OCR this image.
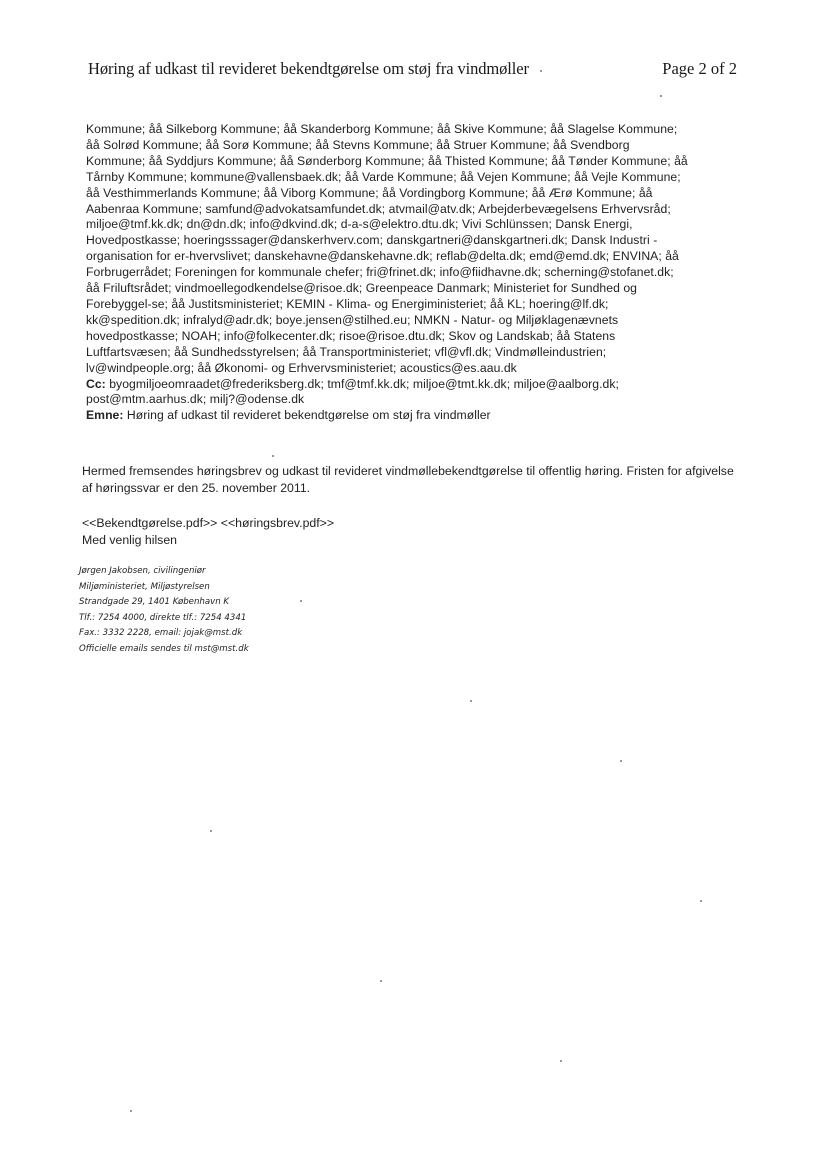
Høring af udkast til revideret bekendtgørelse om støj fra vindmøller	Page 2 of 2
Kommune; åå Silkeborg Kommune; åå Skanderborg Kommune; åå Skive Kommune; åå Slagelse Kommune;
åå Solrød Kommune; åå Sorø Kommune; åå Stevns Kommune; åå Struer Kommune; åå Svendborg
Kommune; åå Syddjurs Kommune; åå Sønderborg Kommune; åå Thisted Kommune; åå Tønder Kommune; åå
Tårnby Kommune; kommune@vallensbaek.dk; åå Varde Kommune; åå Vejen Kommune; åå Vejle Kommune;
åå Vesthimmerlands Kommune; åå Viborg Kommune; åå Vordingborg Kommune; åå Ærø Kommune; åå
Aabenraa Kommune; samfund@advokatsamfundet.dk; atvmail@atv.dk; Arbejderbevægelsens Erhvervsråd;
miljoe@tmf.kk.dk; dn@dn.dk; info@dkvind.dk; d-a-s@elektro.dtu.dk; Vivi Schlünssen; Dansk Energi,
Hovedpostkasse; hoeringsssager@danskerhverv.com; danskgartneri@danskgartneri.dk; Dansk Industri -
organisation for er-hvervslivet; danskehavne@danskehavne.dk; reflab@delta.dk; emd@emd.dk; ENVINA; åå
Forbrugerrådet; Foreningen for kommunale chefer; fri@frinet.dk; info@fiidhavne.dk; scherning@stofanet.dk;
åå Friluftsrådet; vindmoellegodkendelse@risoe.dk; Greenpeace Danmark; Ministeriet for Sundhed og
Forebyggel-se; åå Justitsministeriet; KEMIN - Klima- og Energiministeriet; åå KL; hoering@lf.dk;
kk@spedition.dk; infralyd@adr.dk; boye.jensen@stilhed.eu; NMKN - Natur- og Miljøklagenævnets
hovedpostkasse; NOAH; info@folkecenter.dk; risoe@risoe.dtu.dk; Skov og Landskab; åå Statens
Luftfartsvæsen; åå Sundhedsstyrelsen; åå Transportministeriet; vfl@vfl.dk; Vindmølleindustrien;
lv@windpeople.org; åå Økonomi- og Erhvervsministeriet; acoustics@es.aau.dk
Cc: byogmiljoeomraadet@frederiksberg.dk; tmf@tmf.kk.dk; miljoe@tmt.kk.dk; miljoe@aalborg.dk;
post@mtm.aarhus.dk; milj?@odense.dk
Emne: Høring af udkast til revideret bekendtgørelse om støj fra vindmøller
Hermed fremsendes høringsbrev og udkast til revideret vindmøllebekendtgørelse til offentlig høring. Fristen for afgivelse af høringssvar er den 25. november 2011.
<<Bekendtgørelse.pdf>> <<høringsbrev.pdf>>
Med venlig hilsen
Jørgen Jakobsen, civilingeniør
Miljøministeriet, Miljøstyrelsen
Strandgade 29, 1401 København K
Tlf.: 7254 4000, direkte tlf.: 7254 4341
Fax.: 3332 2228, email: jojak@mst.dk
Officielle emails sendes til mst@mst.dk
